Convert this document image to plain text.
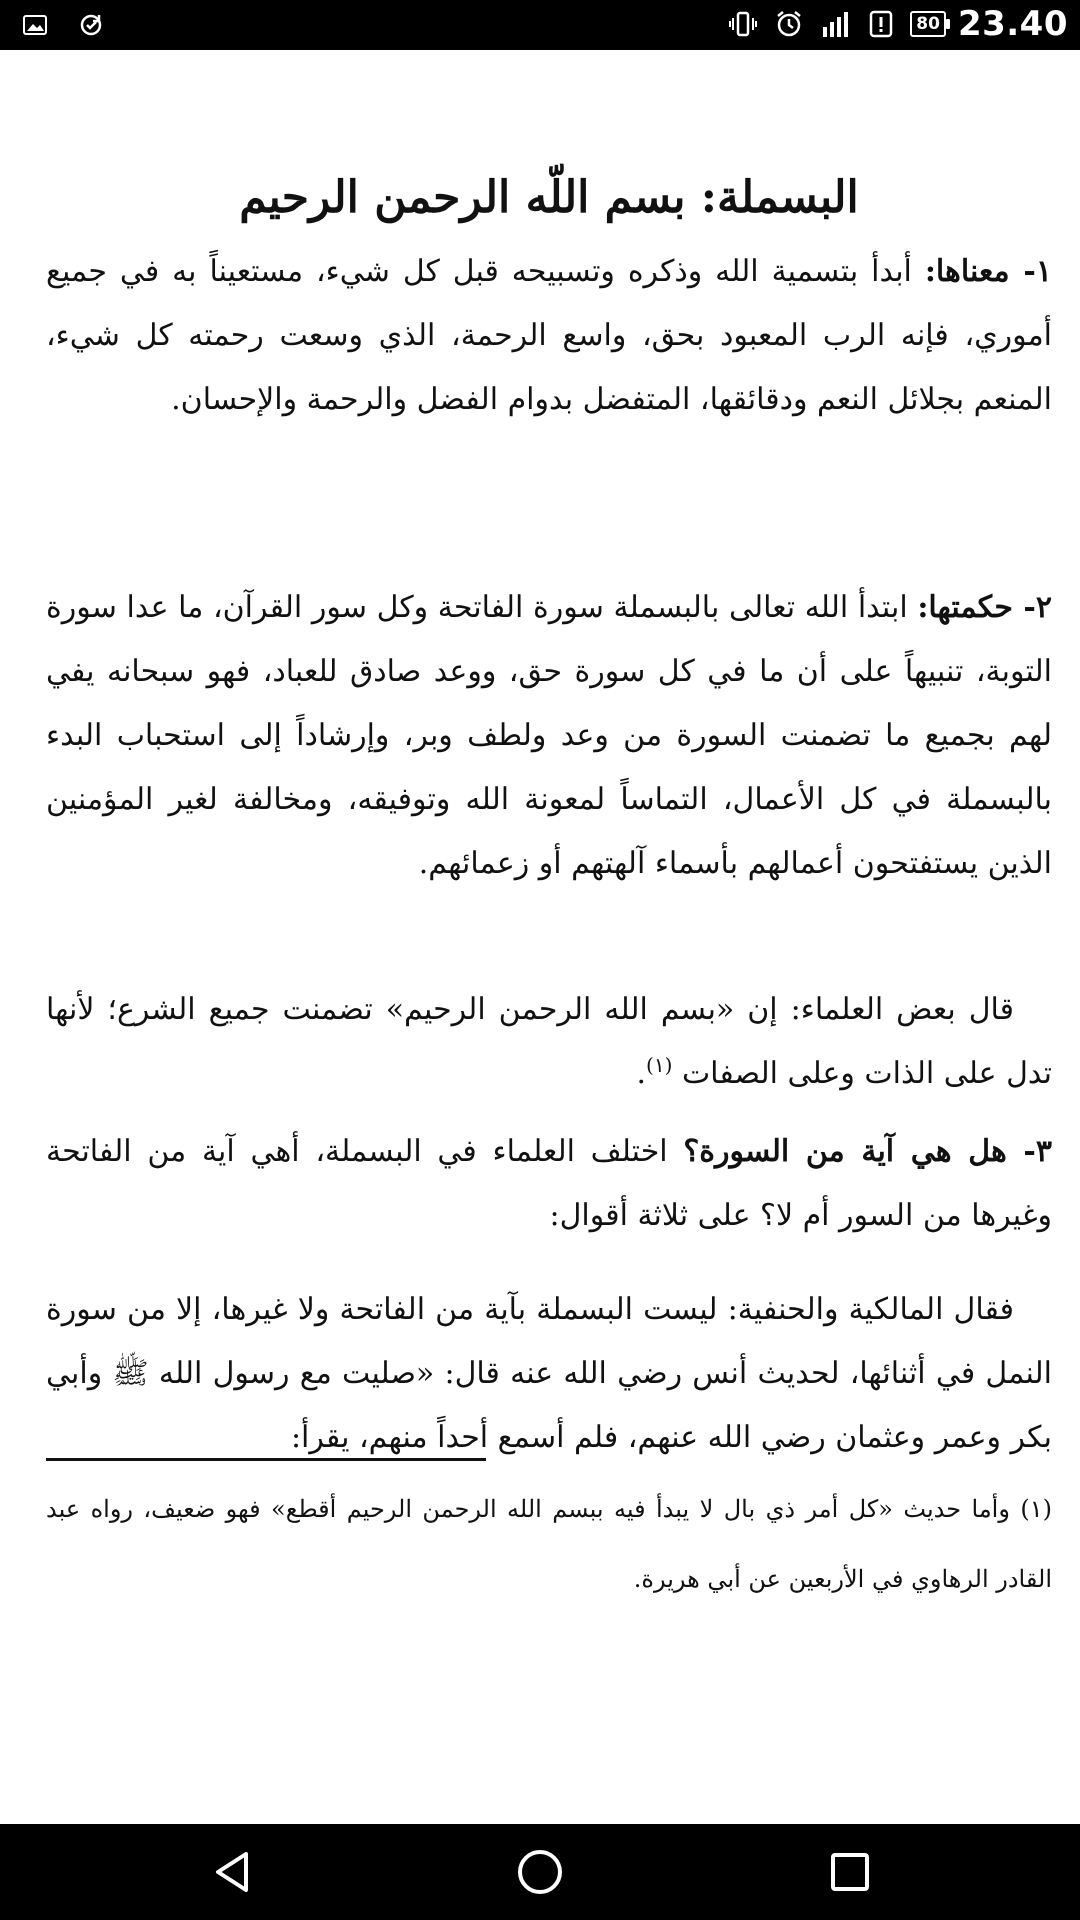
80 23.40
البسملة: بسم اللّه الرحمن الرحيم

١- معناها: أبدأ بتسمية الله وذكره وتسبيحه قبل كل شيء، مستعيناً به في جميع أموري، فإنه الرب المعبود بحق، واسع الرحمة، الذي وسعت رحمته كل شيء، المنعم بجلائل النعم ودقائقها، المتفضل بدوام الفضل والرحمة والإحسان.

٢- حكمتها: ابتدأ الله تعالى بالبسملة سورة الفاتحة وكل سور القرآن، ما عدا سورة التوبة، تنبيهاً على أن ما في كل سورة حق، ووعد صادق للعباد، فهو سبحانه يفي لهم بجميع ما تضمنت السورة من وعد ولطف وبر، وإرشاداً إلى استحباب البدء بالبسملة في كل الأعمال، التماساً لمعونة الله وتوفيقه، ومخالفة لغير المؤمنين الذين يستفتحون أعمالهم بأسماء آلهتهم أو زعمائهم.

قال بعض العلماء: إن «بسم الله الرحمن الرحيم» تضمنت جميع الشرع؛ لأنها تدل على الذات وعلى الصفات $^{(١)}$.

٣- هل هي آية من السورة؟ اختلف العلماء في البسملة، أهي آية من الفاتحة وغيرها من السور أم لا؟ على ثلاثة أقوال:

فقال المالكية والحنفية: ليست البسملة بآية من الفاتحة ولا غيرها، إلا من سورة النمل في أثنائها، لحديث أنس رضي الله عنه قال: «صليت مع رسول الله ﷺ وأبي بكر وعمر وعثمان رضي الله عنهم، فلم أسمع أحداً منهم، يقرأ:

(١) وأما حديث «كل أمر ذي بال لا يبدأ فيه ببسم الله الرحمن الرحيم أقطع» فهو ضعيف، رواه عبد القادر الرهاوي في الأربعين عن أبي هريرة.
